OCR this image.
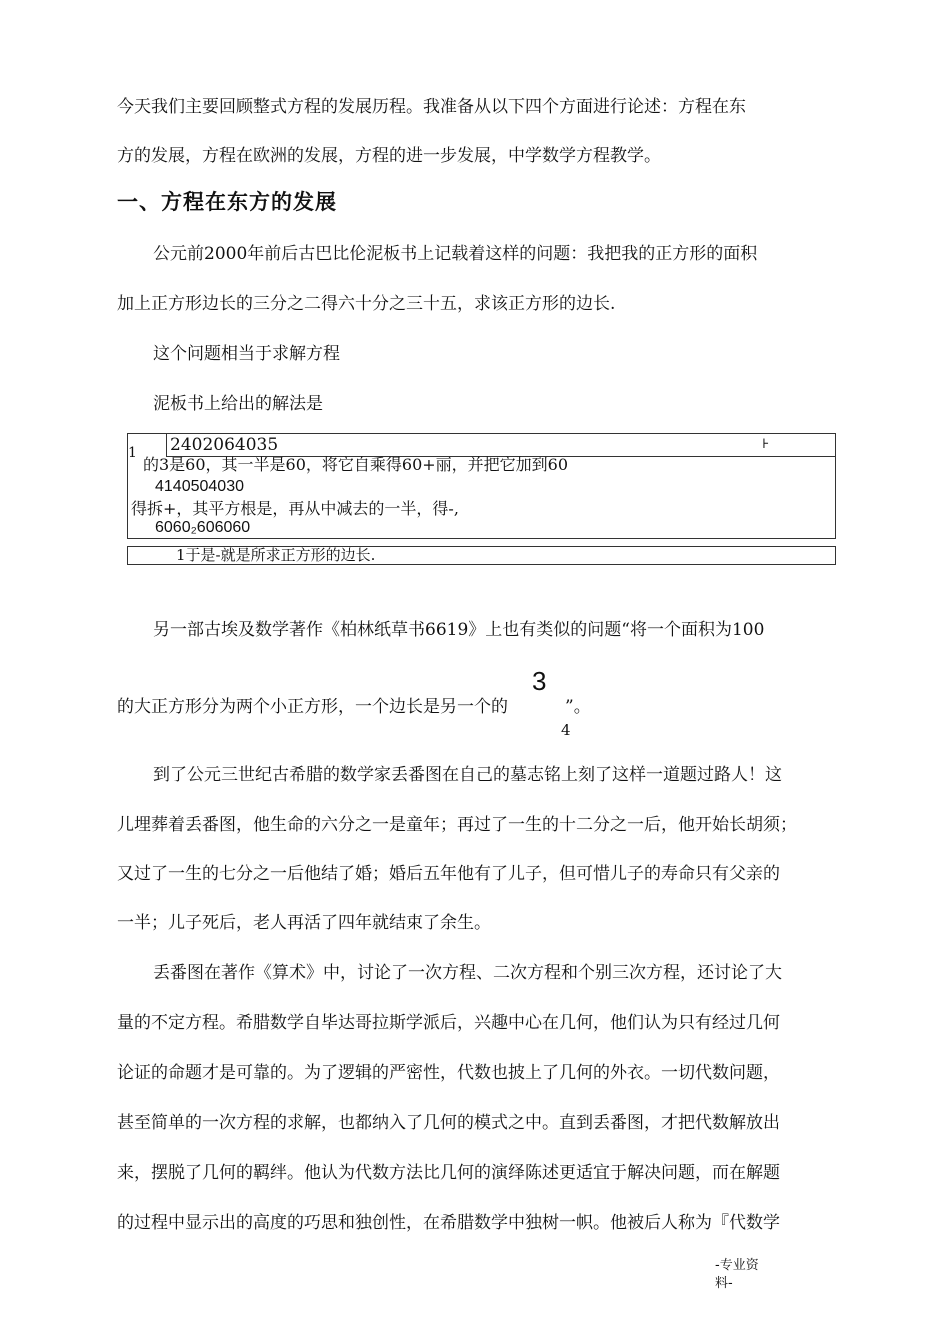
今天我们主要回顾整式方程的发展历程。我准备从以下四个方面进行论述：方程在东
方的发展，方程在欧洲的发展，方程的进一步发展，中学数学方程教学。
一、方程在东方的发展
公元前2000年前后古巴比伦泥板书上记载着这样的问题：我把我的正方形的面积
加上正方形边长的三分之二得六十分之三十五，求该正方形的边长.
这个问题相当于求解方程
泥板书上给出的解法是
1 2402064035	⊦
的3是60，其一半是60，将它自乘得60+丽，并把它加到60
4140504030
得拆+，其平方根是，再从中减去的一半，得-,
6060₂606060
1于是-就是所求正方形的边长.
另一部古埃及数学著作《柏林纸草书6619》上也有类似的问题“将一个面积为100
3
的大正方形分为两个小正方形，一个边长是另一个的	”。
4
到了公元三世纪古希腊的数学家丢番图在自己的墓志铭上刻了这样一道题过路人！这
儿埋葬着丢番图，他生命的六分之一是童年；再过了一生的十二分之一后，他开始长胡须；
又过了一生的七分之一后他结了婚；婚后五年他有了儿子，但可惜儿子的寿命只有父亲的
一半；儿子死后，老人再活了四年就结束了余生。
丢番图在著作《算术》中，讨论了一次方程、二次方程和个别三次方程，还讨论了大
量的不定方程。希腊数学自毕达哥拉斯学派后，兴趣中心在几何，他们认为只有经过几何
论证的命题才是可靠的。为了逻辑的严密性，代数也披上了几何的外衣。一切代数问题，
甚至简单的一次方程的求解，也都纳入了几何的模式之中。直到丢番图，才把代数解放出
来，摆脱了几何的羁绊。他认为代数方法比几何的演绎陈述更适宜于解决问题，而在解题
的过程中显示出的高度的巧思和独创性，在希腊数学中独树一帜。他被后人称为『代数学
-专业资
料-
